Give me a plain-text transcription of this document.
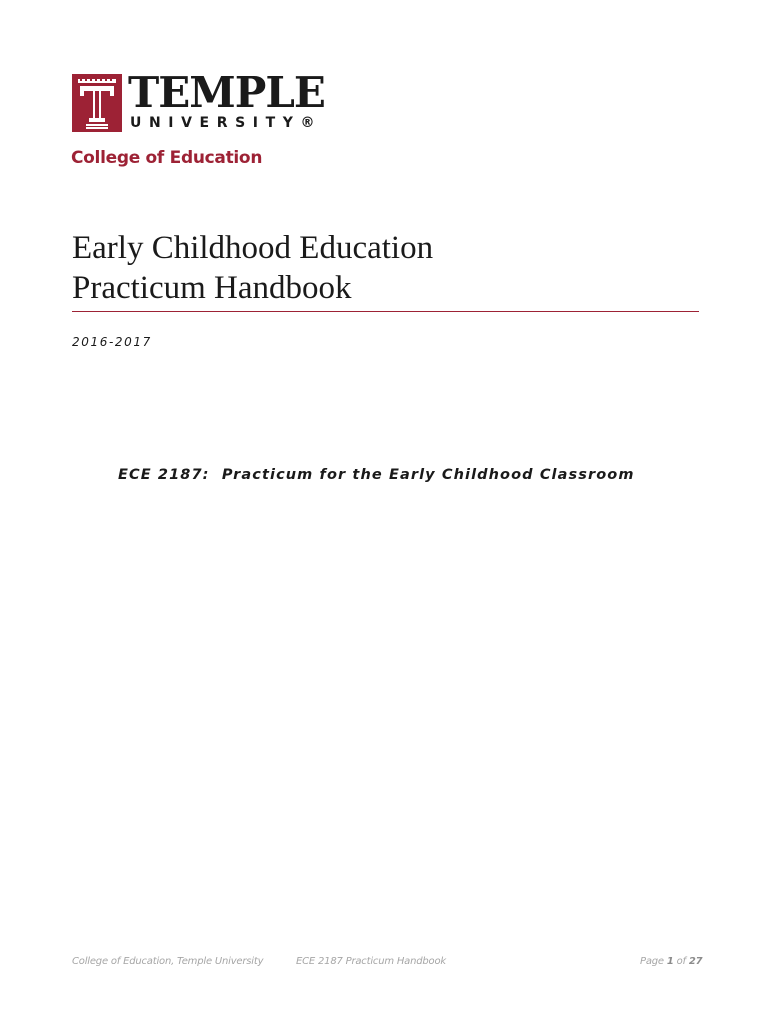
TEMPLE
UNIVERSITY®
College of Education
Early Childhood Education
Practicum Handbook
2016-2017
ECE 2187:  Practicum for the Early Childhood Classroom
College of Education, Temple University	ECE 2187 Practicum Handbook	Page 1 of 27
